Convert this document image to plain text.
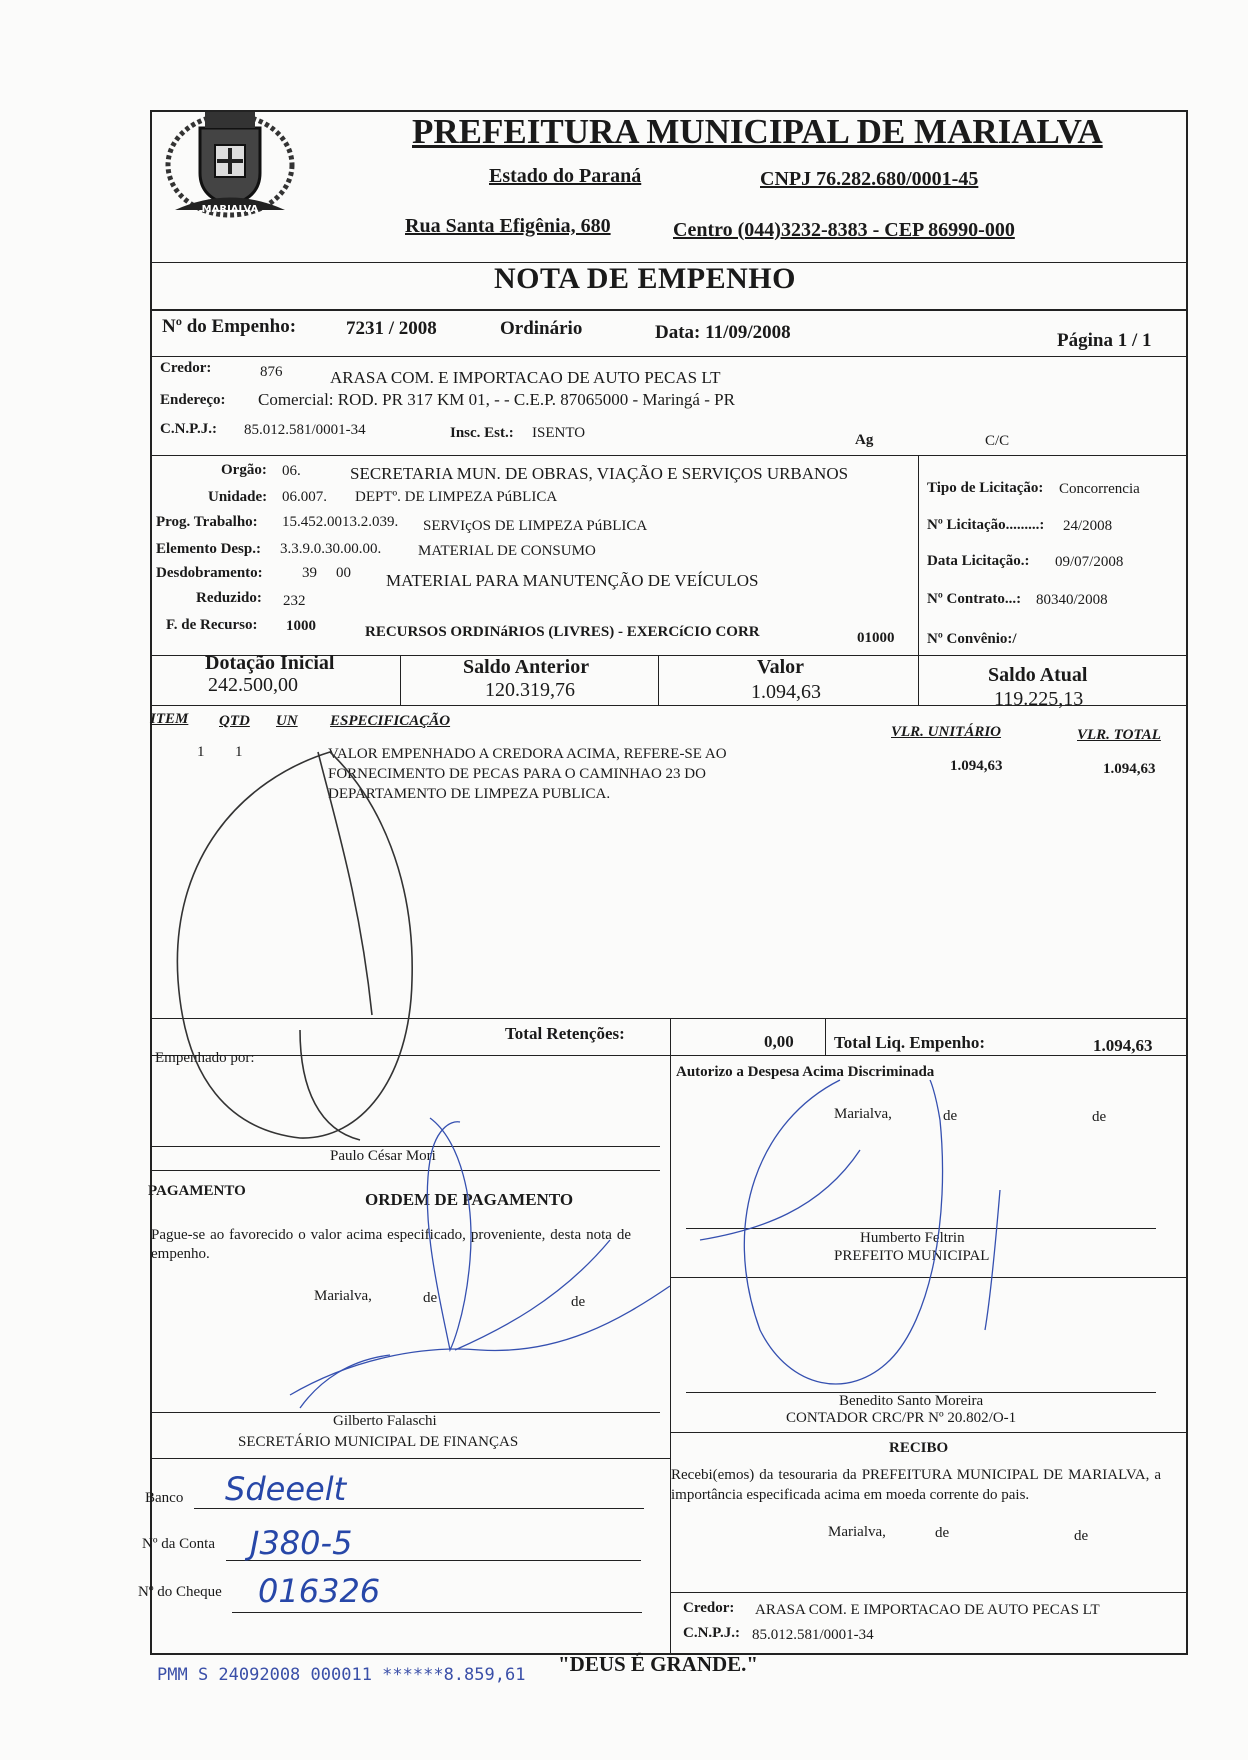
MARIALVA
PREFEITURA MUNICIPAL DE MARIALVA
Estado do Paraná	CNPJ 76.282.680/0001-45
Rua Santa Efigênia, 680	Centro (044)3232-8383 - CEP 86990-000
NOTA DE EMPENHO
Nº do Empenho:	7231 / 2008	Ordinário	Data: 11/09/2008	Página 1 / 1
Credor:	876	ARASA COM. E IMPORTACAO DE AUTO PECAS LT
Endereço: Comercial: ROD. PR 317 KM 01, - - C.E.P. 87065000 - Maringá - PR
C.N.P.J.: 85.012.581/0001-34	Insc. Est.: ISENTO	Ag	C/C
Orgão: 06.	SECRETARIA MUN. DE OBRAS, VIAÇÃO E SERVIÇOS URBANOS
Unidade: 06.007. DEPTº. DE LIMPEZA PúBLICA
Prog. Trabalho: 15.452.0013.2.039. SERVIçOS DE LIMPEZA PúBLICA
Elemento Desp.: 3.3.9.0.30.00.00. MATERIAL DE CONSUMO
Desdobramento:	39 00 MATERIAL PARA MANUTENÇÃO DE VEÍCULOS
Reduzido: 232
F. de Recurso: 1000	RECURSOS ORDINáRIOS (LIVRES) - EXERCíCIO CORR	01000
Tipo de Licitação: Concorrencia
Nº Licitação.........: 24/2008
Data Licitação.: 09/07/2008
Nº Contrato...: 80340/2008
Nº Convênio:/
Dotação Inicial
242.500,00
Saldo Anterior
120.319,76
Valor
1.094,63
Saldo Atual
119.225,13
ITEM QTD UN ESPECIFICAÇÃO
VLR. UNITÁRIO	VLR. TOTAL
1 1	VALOR EMPENHADO A CREDORA ACIMA, REFERE-SE AO
FORNECIMENTO DE PECAS PARA O CAMINHAO 23 DO
DEPARTAMENTO DE LIMPEZA PUBLICA.
1.094,63	1.094,63
Total Retenções:	0,00 Total Liq. Empenho:	1.094,63
Empenhado por:
Paulo César Mori
Autorizo a Despesa Acima Discriminada
Marialva,	de	de
PAGAMENTO	ORDEM DE PAGAMENTO
Pague-se ao favorecido o valor acima especificado, proveniente, desta nota de empenho.
Marialva,	de	de
Gilberto Falaschi
SECRETÁRIO MUNICIPAL DE FINANÇAS
Humberto Feltrin
PREFEITO MUNICIPAL
Benedito Santo Moreira
CONTADOR CRC/PR Nº 20.802/O-1
RECIBO
Recebi(emos) da tesouraria da PREFEITURA MUNICIPAL DE MARIALVA, a importância especificada acima em moeda corrente do pais.
Marialva,	de	de
Credor: ARASA COM. E IMPORTACAO DE AUTO PECAS LT
C.N.P.J.: 85.012.581/0001-34
Banco Sdeeelt
Nº da Conta J380-5
Nº do Cheque 016326
PMM S 24092008 000011 ******8.859,61 "DEUS É GRANDE."
